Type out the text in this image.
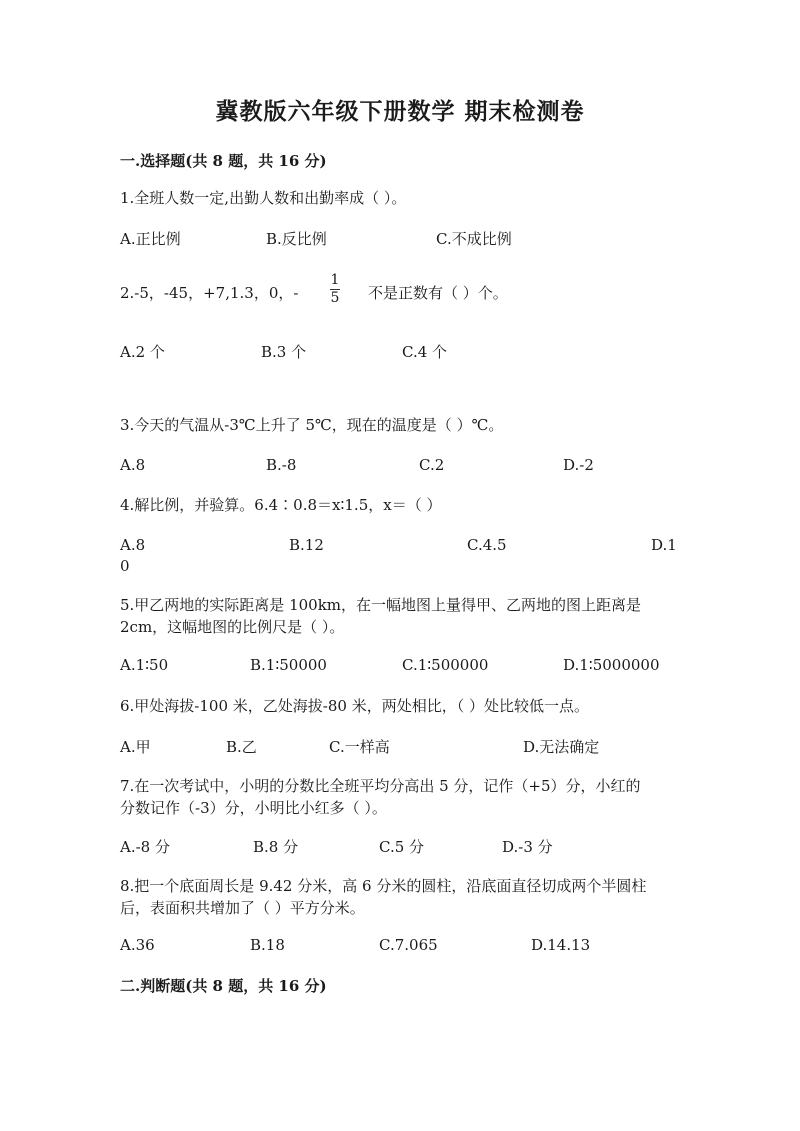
冀教版六年级下册数学 期末检测卷
一.选择题(共 8 题，共 16 分)
1.全班人数一定,出勤人数和出勤率成（ ）。
A.正比例	B.反比例	C.不成比例
2.-5，-45，+7,1.3，0，-
1
5 不是正数有（ ）个。
A.2 个	B.3 个	C.4 个
3.今天的气温从-3℃上升了 5℃，现在的温度是（ ）℃。
A.8	B.-8	C.2	D.-2
4.解比例，并验算。6.4∶0.8＝x∶1.5，x＝（ ）
A.8	B.12	C.4.5	D.1
0
5.甲乙两地的实际距离是 100km，在一幅地图上量得甲、乙两地的图上距离是
2cm，这幅地图的比例尺是（ ）。
A.1∶50	B.1∶50000	C.1∶500000	D.1∶5000000
6.甲处海拔-100 米，乙处海拔-80 米，两处相比，（ ）处比较低一点。
A.甲	B.乙	C.一样高	D.无法确定
7.在一次考试中，小明的分数比全班平均分高出 5 分，记作（+5）分，小红的
分数记作（-3）分，小明比小红多（ ）。
A.-8 分	B.8 分	C.5 分	D.-3 分
8.把一个底面周长是 9.42 分米，高 6 分米的圆柱，沿底面直径切成两个半圆柱
后，表面积共增加了（ ）平方分米。
A.36	B.18	C.7.065	D.14.13
二.判断题(共 8 题，共 16 分)
